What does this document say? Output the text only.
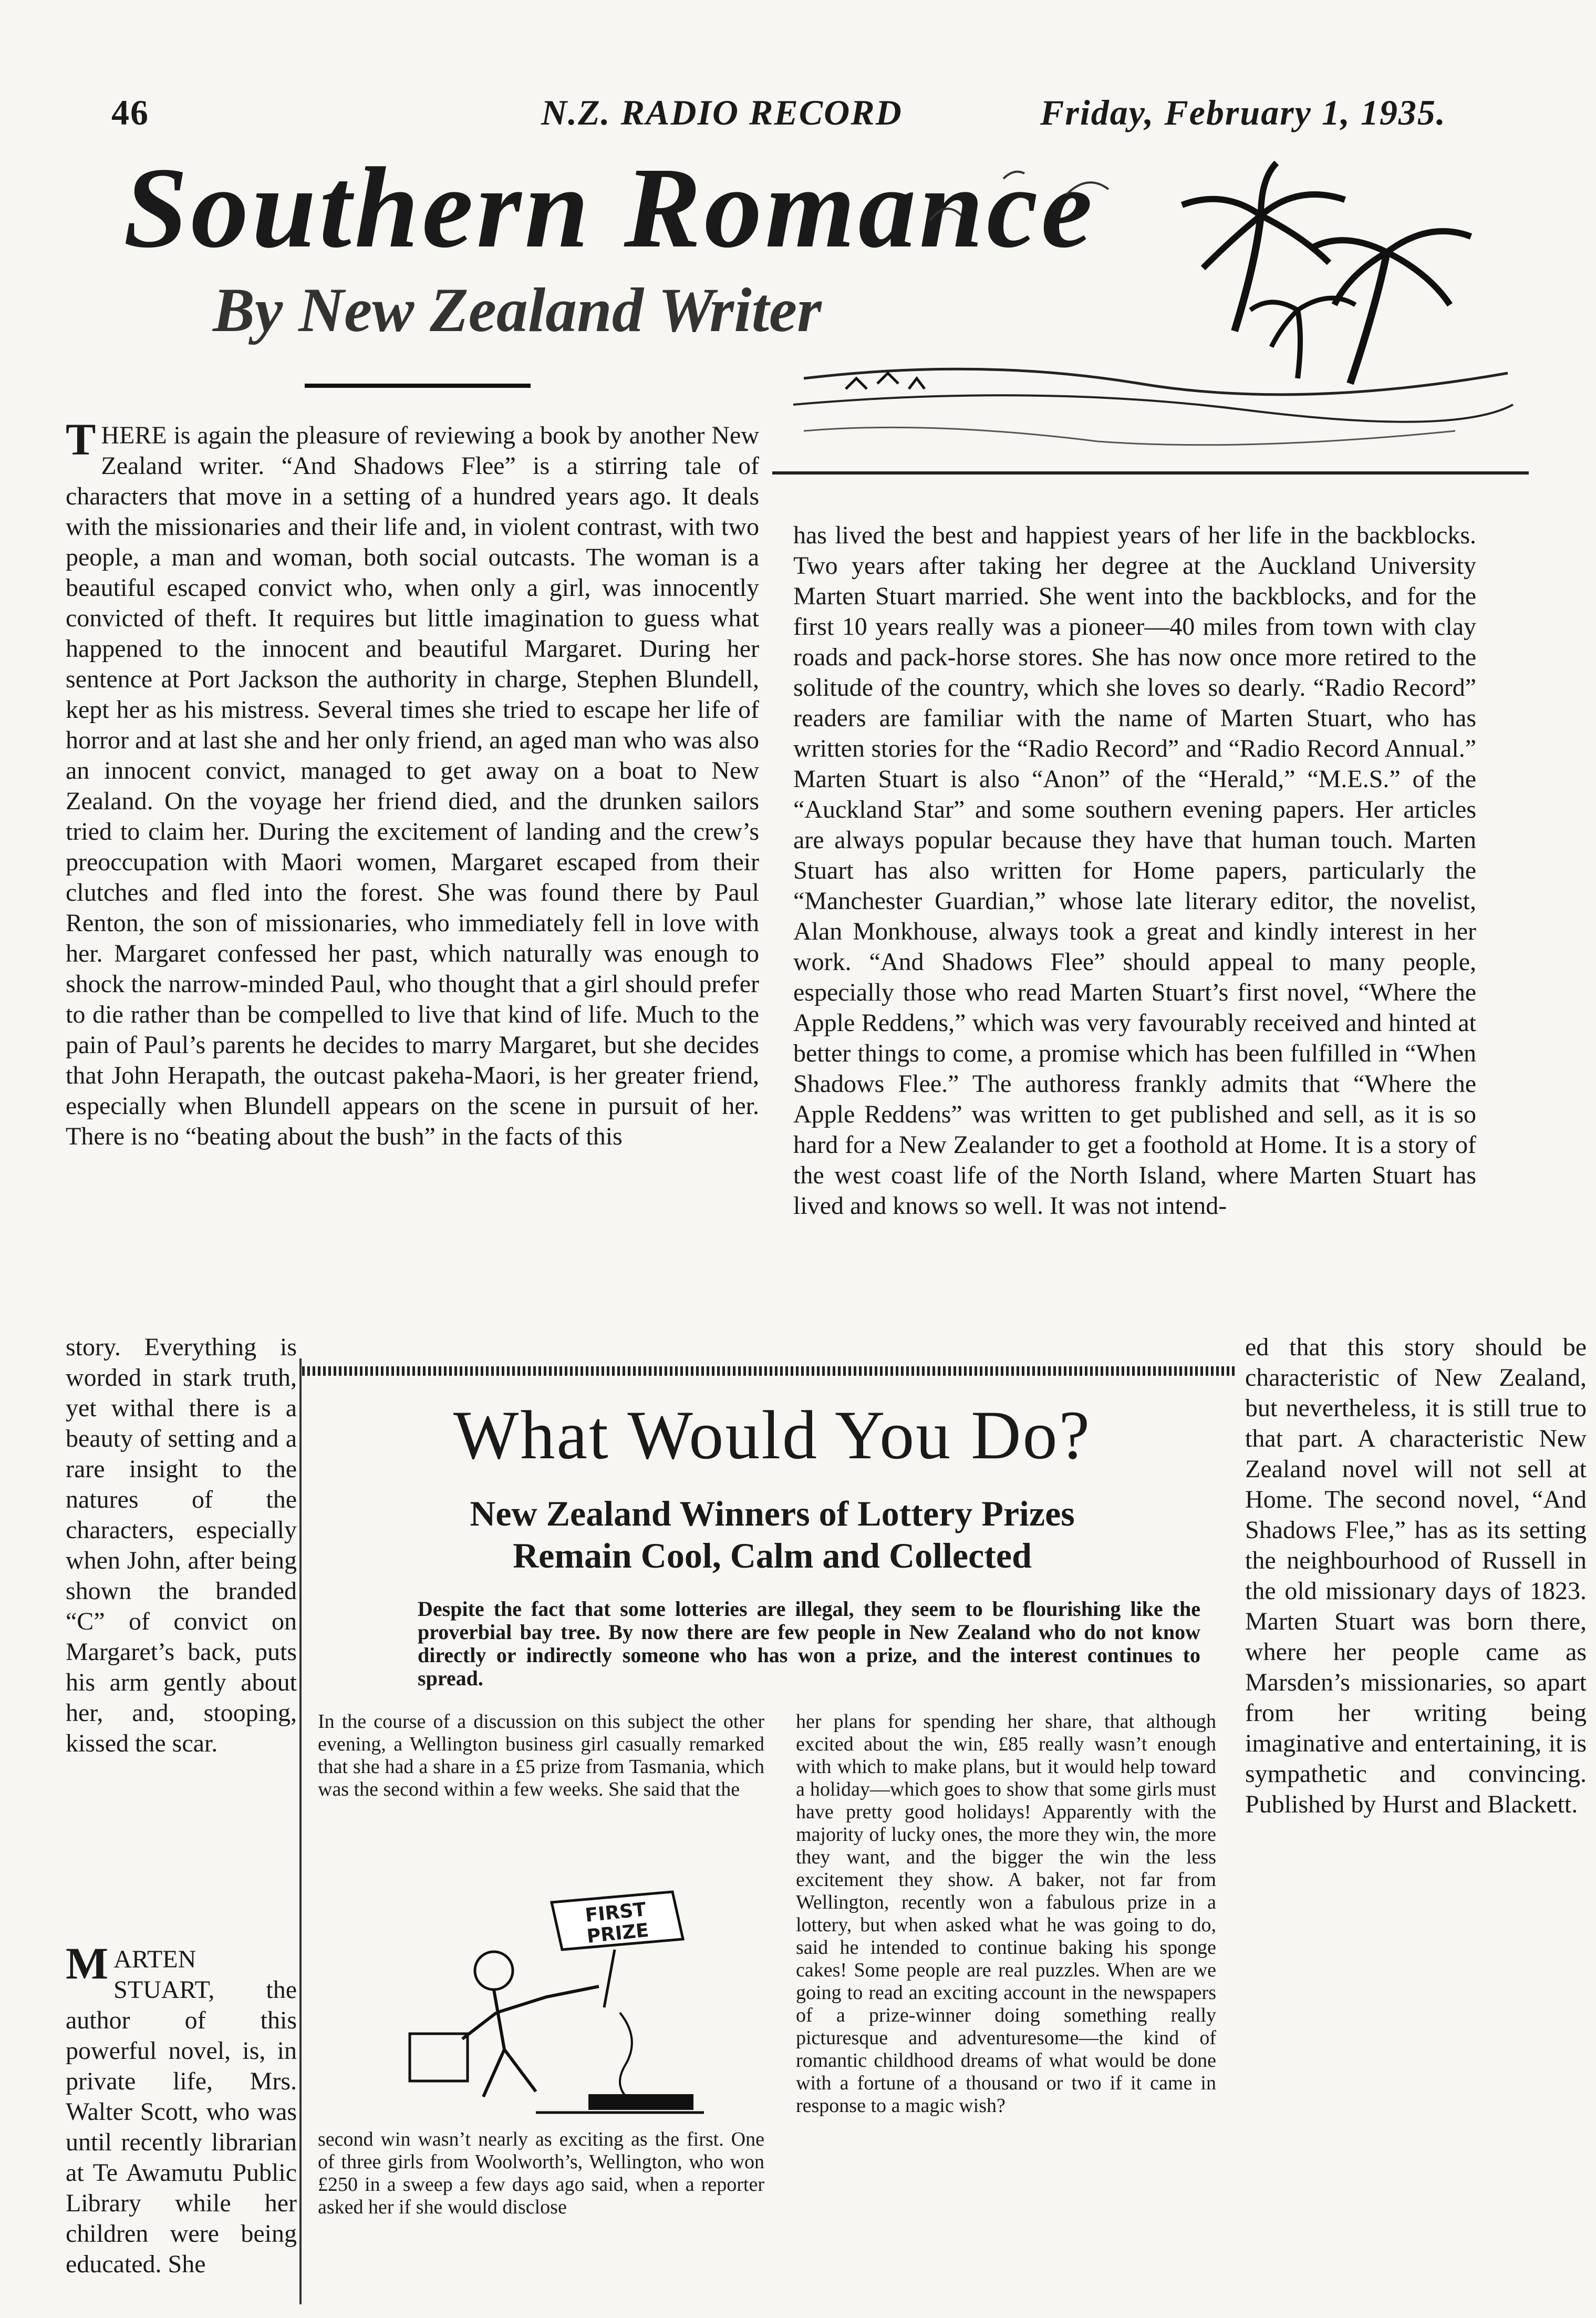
46	N.Z. RADIO RECORD	Friday, February 1, 1935.
Southern Romance
By New Zealand Writer

THERE is again the pleasure of reviewing a book by another New Zealand writer. “And Shadows Flee” is a stirring tale of characters that move in a setting of a hundred years ago. It deals with the missionaries and their life and, in violent contrast, with two people, a man and woman, both social outcasts. The woman is a beautiful escaped convict who, when only a girl, was innocently convicted of theft. It requires but little imagination to guess what happened to the innocent and beautiful Margaret. During her sentence at Port Jackson the authority in charge, Stephen Blundell, kept her as his mistress. Several times she tried to escape her life of horror and at last she and her only friend, an aged man who was also an innocent convict, managed to get away on a boat to New Zealand. On the voyage her friend died, and the drunken sailors tried to claim her. During the excitement of landing and the crew’s preoccupation with Maori women, Margaret escaped from their clutches and fled into the forest. She was found there by Paul Renton, the son of missionaries, who immediately fell in love with her. Margaret confessed her past, which naturally was enough to shock the narrow-minded Paul, who thought that a girl should prefer to die rather than be compelled to live that kind of life. Much to the pain of Paul’s parents he decides to marry Margaret, but she decides that John Herapath, the outcast pakeha-Maori, is her greater friend, especially when Blundell appears on the scene in pursuit of her. There is no “beating about the bush” in the facts of this

has lived the best and happiest years of her life in the backblocks. Two years after taking her degree at the Auckland University Marten Stuart married. She went into the backblocks, and for the first 10 years really was a pioneer—40 miles from town with clay roads and pack-horse stores. She has now once more retired to the solitude of the country, which she loves so dearly. “Radio Record” readers are familiar with the name of Marten Stuart, who has written stories for the “Radio Record” and “Radio Record Annual.” Marten Stuart is also “Anon” of the “Herald,” “M.E.S.” of the “Auckland Star” and some southern evening papers. Her articles are always popular because they have that human touch. Marten Stuart has also written for Home papers, particularly the “Manchester Guardian,” whose late literary editor, the novelist, Alan Monkhouse, always took a great and kindly interest in her work. “And Shadows Flee” should appeal to many people, especially those who read Marten Stuart’s first novel, “Where the Apple Reddens,” which was very favourably received and hinted at better things to come, a promise which has been fulfilled in “When Shadows Flee.” The authoress frankly admits that “Where the Apple Reddens” was written to get published and sell, as it is so hard for a New Zealander to get a foothold at Home. It is a story of the west coast life of the North Island, where Marten Stuart has lived and knows so well. It was not intend-
story. Everything is worded in stark truth, yet withal there is a beauty of setting and a rare insight to the natures of the characters, especially when John, after being shown the branded “C” of convict on Margaret’s back, puts his arm gently about her, and, stooping, kissed the scar.

MARTEN STUART, the author of this powerful novel, is, in private life, Mrs. Walter Scott, who was until recently librarian at Te Awamutu Public Library while her children were being educated. She

ed that this story should be characteristic of New Zealand, but nevertheless, it is still true to that part. A characteristic New Zealand novel will not sell at Home. The second novel, “And Shadows Flee,” has as its setting the neighbourhood of Russell in the old missionary days of 1823. Marten Stuart was born there, where her people came as Marsden’s missionaries, so apart from her writing being imaginative and entertaining, it is sympathetic and convincing. Published by Hurst and Blackett.
What Would You Do?
New Zealand Winners of Lottery Prizes
Remain Cool, Calm and Collected
Despite the fact that some lotteries are illegal, they seem to be flourishing like the proverbial bay tree. By now there are few people in New Zealand who do not know directly or indirectly someone who has won a prize, and the interest continues to spread.
In the course of a discussion on this subject the other evening, a Wellington business girl casually remarked that she had a share in a £5 prize from Tasmania, which was the second within a few weeks. She said that the
her plans for spending her share, that although excited about the win, £85 really wasn’t enough with which to make plans, but it would help toward a holiday—which goes to show that some girls must have pretty good holidays! Apparently with the majority of lucky ones, the more they win, the more they want, and the bigger the win the less excitement they show. A baker, not far from Wellington, recently won a fabulous prize in a lottery, but when asked what he was going to do, said he intended to continue baking his sponge cakes! Some people are real puzzles. When are we going to read an exciting account in the newspapers of a prize-winner doing something really picturesque and adventuresome—the kind of romantic childhood dreams of what would be done with a fortune of a thousand or two if it came in response to a magic wish?
second win wasn’t nearly as exciting as the first. One of three girls from Woolworth’s, Wellington, who won £250 in a sweep a few days ago said, when a reporter asked her if she would disclose
FIRST
PRIZE
